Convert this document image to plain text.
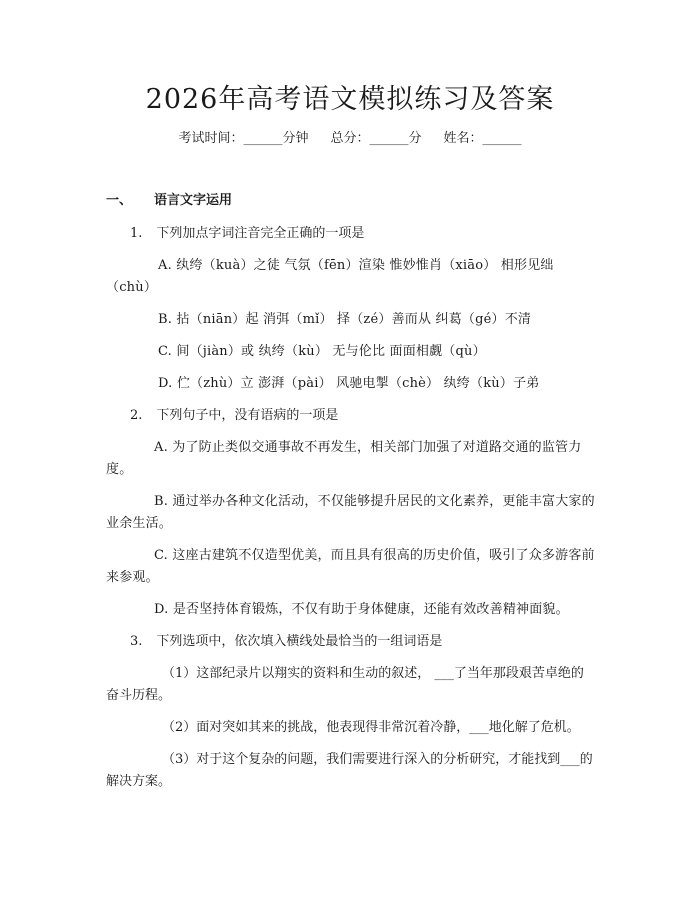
2026年高考语文模拟练习及答案
考试时间：______分钟 总分：______分 姓名：______
一、 语言文字运用

1. 下列加点字词注音完全正确的一项是

A. 纨绔（kuà）之徒 气氛（fēn）渲染 惟妙惟肖（xiāo） 相形见绌（chù）

B. 拈（niān）起 消弭（mǐ） 择（zé）善而从 纠葛（gé）不清

C. 间（jiàn）或 纨绔（kù） 无与伦比 面面相觑（qù）

D. 伫（zhù）立 澎湃（pài） 风驰电掣（chè） 纨绔（kù）子弟

2. 下列句子中，没有语病的一项是

A. 为了防止类似交通事故不再发生，相关部门加强了对道路交通的监管力度。

B. 通过举办各种文化活动，不仅能够提升居民的文化素养，更能丰富大家的业余生活。

C. 这座古建筑不仅造型优美，而且具有很高的历史价值，吸引了众多游客前来参观。

D. 是否坚持体育锻炼，不仅有助于身体健康，还能有效改善精神面貌。

3. 下列选项中，依次填入横线处最恰当的一组词语是

（1）这部纪录片以翔实的资料和生动的叙述， ___了当年那段艰苦卓绝的奋斗历程。

（2）面对突如其来的挑战，他表现得非常沉着冷静，___地化解了危机。

（3）对于这个复杂的问题，我们需要进行深入的分析研究，才能找到___的解决方案。
